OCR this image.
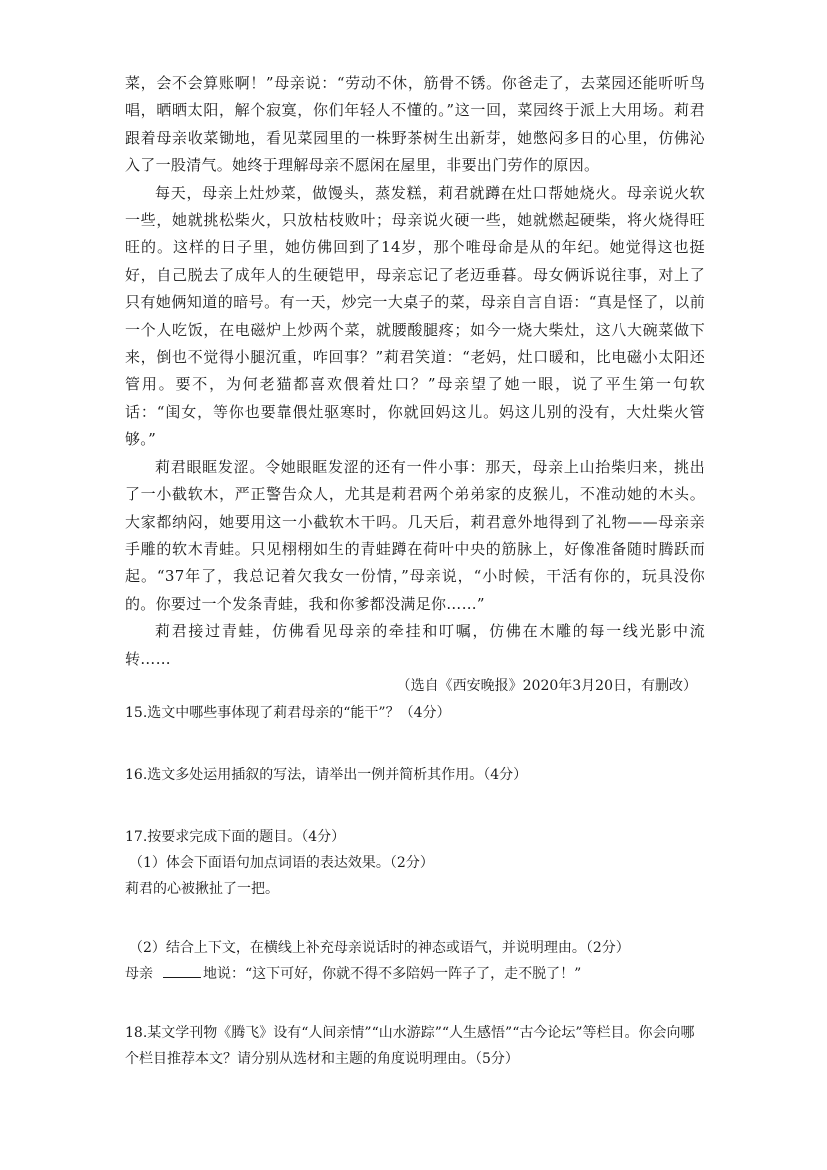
菜，会不会算账啊！”母亲说：“劳动不休，筋骨不锈。你爸走了，去菜园还能听听鸟唱，晒晒太阳，解个寂寞，你们年轻人不懂的。”这一回，菜园终于派上大用场。莉君跟着母亲收菜锄地，看见菜园里的一株野茶树生出新芽，她憋闷多日的心里，仿佛沁入了一股清气。她终于理解母亲不愿闲在屋里，非要出门劳作的原因。

每天，母亲上灶炒菜，做馒头，蒸发糕，莉君就蹲在灶口帮她烧火。母亲说火软一些，她就挑松柴火，只放枯枝败叶；母亲说火硬一些，她就燃起硬柴，将火烧得旺旺的。这样的日子里，她仿佛回到了14岁，那个唯母命是从的年纪。她觉得这也挺好，自己脱去了成年人的生硬铠甲，母亲忘记了老迈垂暮。母女俩诉说往事，对上了只有她俩知道的暗号。有一天，炒完一大桌子的菜，母亲自言自语：“真是怪了，以前一个人吃饭，在电磁炉上炒两个菜，就腰酸腿疼；如今一烧大柴灶，这八大碗菜做下来，倒也不觉得小腿沉重，咋回事？”莉君笑道：“老妈，灶口暖和，比电磁小太阳还管用。要不，为何老猫都喜欢偎着灶口？”母亲望了她一眼，说了平生第一句软话：“闺女，等你也要靠偎灶驱寒时，你就回妈这儿。妈这儿别的没有，大灶柴火管够。”

莉君眼眶发涩。令她眼眶发涩的还有一件小事：那天，母亲上山抬柴归来，挑出了一小截软木，严正警告众人，尤其是莉君两个弟弟家的皮猴儿，不准动她的木头。大家都纳闷，她要用这一小截软木干吗。几天后，莉君意外地得到了礼物——母亲亲手雕的软木青蛙。只见栩栩如生的青蛙蹲在荷叶中央的筋脉上，好像准备随时腾跃而起。“37年了，我总记着欠我女一份情，”母亲说，“小时候，干活有你的，玩具没你的。你要过一个发条青蛙，我和你爹都没满足你……”

莉君接过青蛙，仿佛看见母亲的牵挂和叮嘱，仿佛在木雕的每一线光影中流转……

（选自《西安晚报》2020年3月20日，有删改）

15.选文中哪些事体现了莉君母亲的“能干”？（4分）

16.选文多处运用插叙的写法，请举出一例并简析其作用。（4分）

17.按要求完成下面的题目。（4分）

（1）体会下面语句加点词语的表达效果。（2分）

莉君的心被揪扯了一把。

（2）结合上下文，在横线上补充母亲说话时的神态或语气，并说明理由。（2分）

母亲	地说：“这下可好，你就不得不多陪妈一阵子了，走不脱了！”

18.某文学刊物《腾飞》设有“人间亲情”“山水游踪”“人生感悟”“古今论坛”等栏目。你会向哪个栏目推荐本文？请分别从选材和主题的角度说明理由。（5分）
